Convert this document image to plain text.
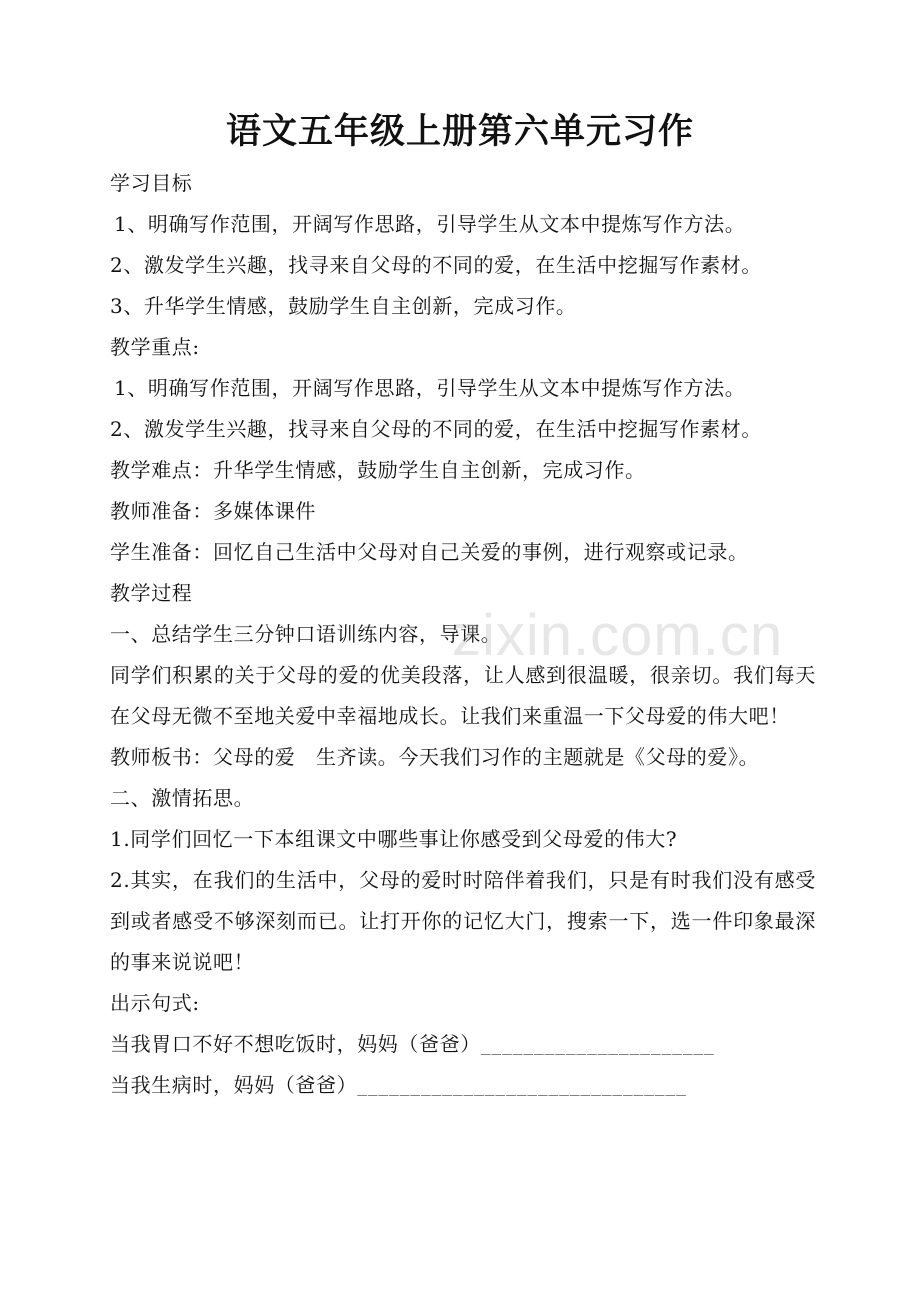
语文五年级上册第六单元习作
学习目标
1、明确写作范围，开阔写作思路，引导学生从文本中提炼写作方法。
2、激发学生兴趣，找寻来自父母的不同的爱，在生活中挖掘写作素材。
3、升华学生情感，鼓励学生自主创新，完成习作。
教学重点:
1、明确写作范围，开阔写作思路，引导学生从文本中提炼写作方法。
2、激发学生兴趣，找寻来自父母的不同的爱，在生活中挖掘写作素材。
教学难点：升华学生情感，鼓励学生自主创新，完成习作。
教师准备：多媒体课件
学生准备：回忆自己生活中父母对自己关爱的事例，进行观察或记录。
教学过程
一、总结学生三分钟口语训练内容，导课。
同学们积累的关于父母的爱的优美段落，让人感到很温暖，很亲切。我们每天在父母无微不至地关爱中幸福地成长。让我们来重温一下父母爱的伟大吧！
教师板书：父母的爱　生齐读。今天我们习作的主题就是《父母的爱》。
二、激情拓思。
1.同学们回忆一下本组课文中哪些事让你感受到父母爱的伟大?
2.其实，在我们的生活中，父母的爱时时陪伴着我们，只是有时我们没有感受到或者感受不够深刻而已。让打开你的记忆大门，搜索一下，选一件印象最深的事来说说吧！
出示句式:
当我胃口不好不想吃饭时，妈妈（爸爸）______________________
当我生病时，妈妈（爸爸）_______________________________
zixin.com.cn
